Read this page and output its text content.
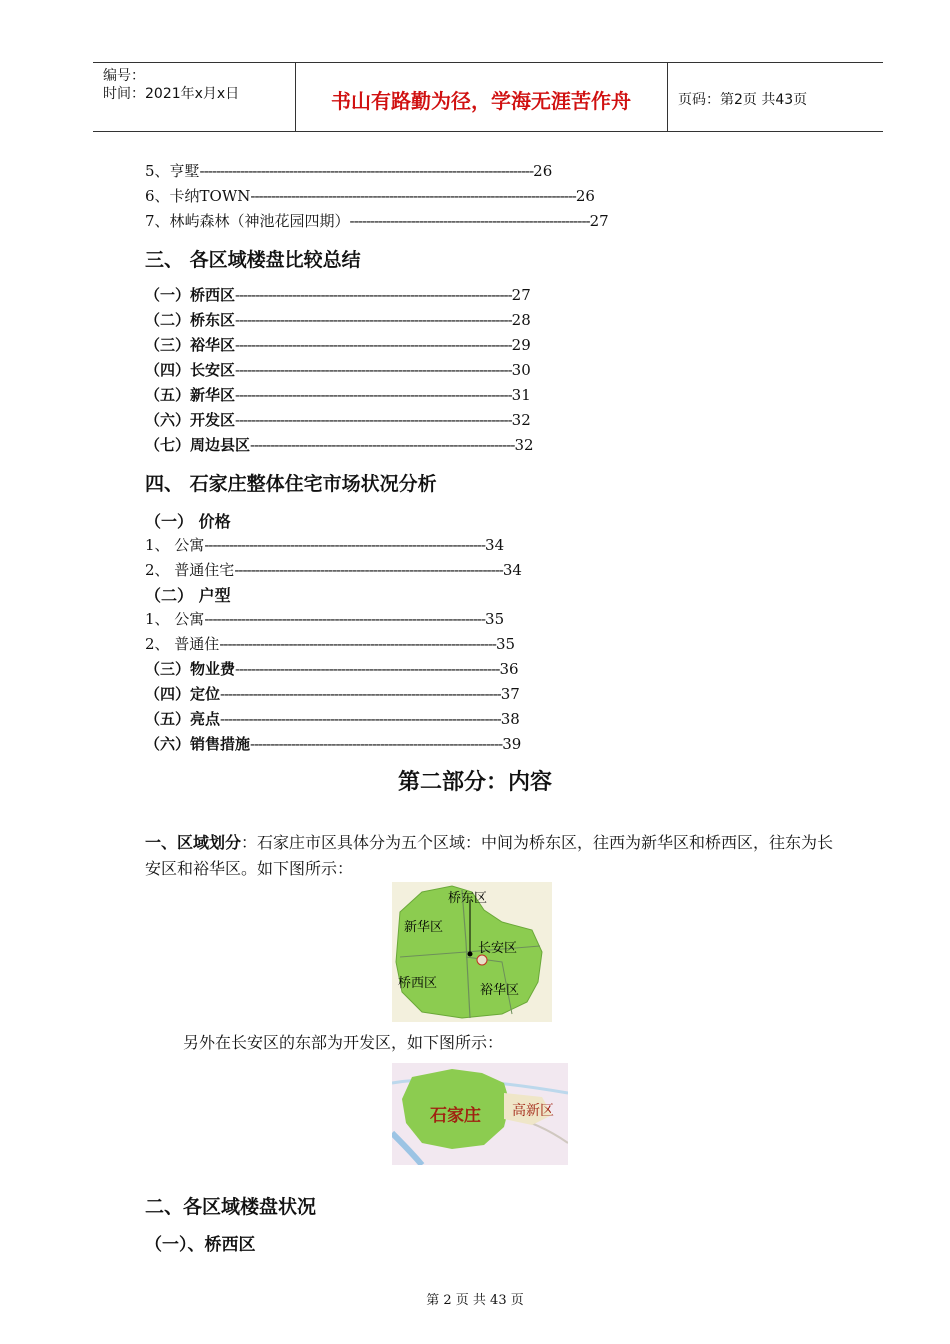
编号：
时间：2021年x月x日	书山有路勤为径，学海无涯苦作舟	页码：第2页 共43页
5、亨墅----------------------------------------------------------------------------------26
6、卡纳TOWN--------------------------------------------------------------------------------26
7、林屿森林（神池花园四期）-----------------------------------------------------------27
三、 各区域楼盘比较总结
（一）桥西区--------------------------------------------------------------------27
（二）桥东区--------------------------------------------------------------------28
（三）裕华区--------------------------------------------------------------------29
（四）长安区--------------------------------------------------------------------30
（五）新华区--------------------------------------------------------------------31
（六）开发区--------------------------------------------------------------------32
（七）周边县区-----------------------------------------------------------------32
四、 石家庄整体住宅市场状况分析
（一） 价格
1、 公寓---------------------------------------------------------------------34
2、 普通住宅------------------------------------------------------------------34
（二） 户型
1、 公寓---------------------------------------------------------------------35
2、 普通住--------------------------------------------------------------------35
（三）物业费-----------------------------------------------------------------36
（四）定位---------------------------------------------------------------------37
（五）亮点---------------------------------------------------------------------38
（六）销售措施--------------------------------------------------------------39
第二部分：内容
一、区域划分：石家庄市区具体分为五个区域：中间为桥东区，往西为新华区和桥西区，往东为长安区和裕华区。如下图所示：
桥东区
新华区
长安区
桥西区	裕华区
另外在长安区的东部为开发区，如下图所示：
石家庄 高新区
二、各区域楼盘状况
（一）、桥西区
第 2 页 共 43 页
